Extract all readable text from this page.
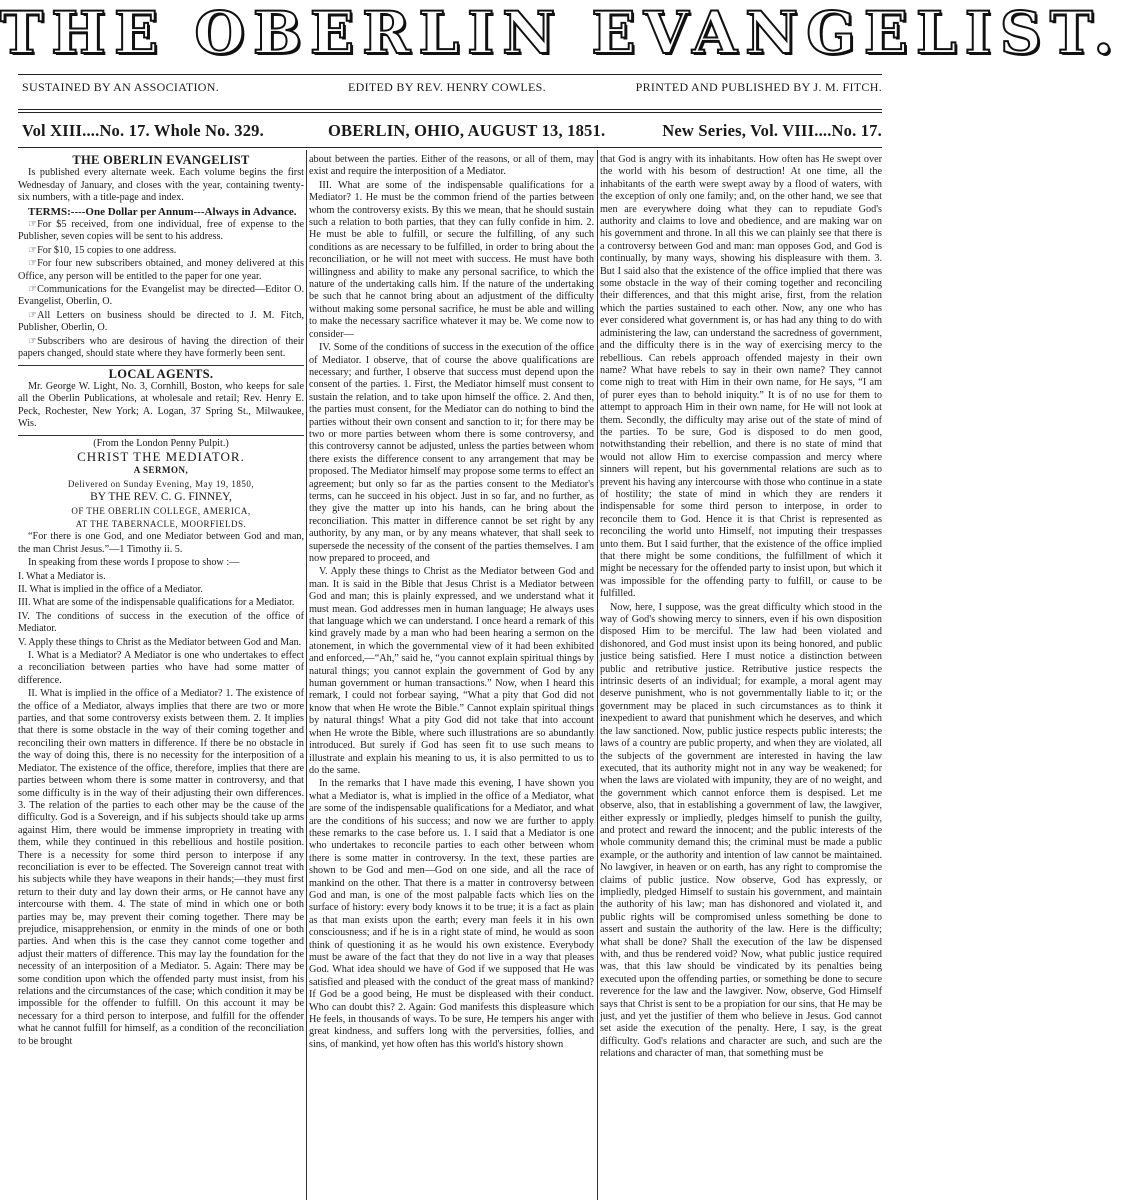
THE OBERLIN EVANGELIST.
SUSTAINED BY AN ASSOCIATION.	EDITED BY REV. HENRY COWLES.	PRINTED AND PUBLISHED BY J. M. FITCH.
Vol XIII....No. 17. Whole No. 329.	OBERLIN, OHIO, AUGUST 13, 1851.	New Series, Vol. VIII....No. 17.

THE OBERLIN EVANGELIST

Is published every alternate week. Each volume begins the first Wednesday of January, and closes with the year, containing twenty-six numbers, with a title-page and index.

TERMS:----One Dollar per Annum---Always in Advance.

☞For $5 received, from one individual, free of expense to the Publisher, seven copies will be sent to his address.

☞For $10, 15 copies to one address.

☞For four new subscribers obtained, and money delivered at this Office, any person will be entitled to the paper for one year.

☞Communications for the Evangelist may be directed—Editor O. Evangelist, Oberlin, O.

☞All Letters on business should be directed to J. M. Fitch, Publisher, Oberlin, O.

☞Subscribers who are desirous of having the direction of their papers changed, should state where they have formerly been sent.

LOCAL AGENTS.

Mr. George W. Light, No. 3, Cornhill, Boston, who keeps for sale all the Oberlin Publications, at wholesale and retail; Rev. Henry E. Peck, Rochester, New York; A. Logan, 37 Spring St., Milwaukee, Wis.

(From the London Penny Pulpit.)

CHRIST THE MEDIATOR.

A SERMON,

Delivered on Sunday Evening, May 19, 1850,

BY THE REV. C. G. FINNEY,

OF THE OBERLIN COLLEGE, AMERICA,

AT THE TABERNACLE, MOORFIELDS.

“For there is one God, and one Mediator between God and man, the man Christ Jesus.”—1 Timothy ii. 5.

In speaking from these words I propose to show :—

I. What a Mediator is.

II. What is implied in the office of a Mediator.

III. What are some of the indispensable qualifications for a Mediator.

IV. The conditions of success in the execution of the office of Mediator.

V. Apply these things to Christ as the Mediator between God and Man.

I. What is a Mediator? A Mediator is one who undertakes to effect a reconciliation between parties who have had some matter of difference.

II. What is implied in the office of a Mediator? 1. The existence of the office of a Mediator, always implies that there are two or more parties, and that some controversy exists between them. 2. It implies that there is some obstacle in the way of their coming together and reconciling their own matters in difference. If there be no obstacle in the way of doing this, there is no necessity for the interposition of a Mediator. The existence of the office, therefore, implies that there are parties between whom there is some matter in controversy, and that some difficulty is in the way of their adjusting their own differences. 3. The relation of the parties to each other may be the cause of the difficulty. God is a Sovereign, and if his subjects should take up arms against Him, there would be immense impropriety in treating with them, while they continued in this rebellious and hostile position. There is a necessity for some third person to interpose if any reconciliation is ever to be effected. The Sovereign cannot treat with his subjects while they have weapons in their hands;—they must first return to their duty and lay down their arms, or He cannot have any intercourse with them. 4. The state of mind in which one or both parties may be, may prevent their coming together. There may be prejudice, misapprehension, or enmity in the minds of one or both parties. And when this is the case they cannot come together and adjust their matters of difference. This may lay the foundation for the necessity of an interposition of a Mediator. 5. Again: There may be some condition upon which the offended party must insist, from his relations and the circumstances of the case; which condition it may be impossible for the offender to fulfill. On this account it may be necessary for a third person to interpose, and fulfill for the offender what he cannot fulfill for himself, as a condition of the reconciliation to be brought

about between the parties. Either of the reasons, or all of them, may exist and require the interposition of a Mediator.

III. What are some of the indispensable qualifications for a Mediator? 1. He must be the common friend of the parties between whom the controversy exists. By this we mean, that he should sustain such a relation to both parties, that they can fully confide in him. 2. He must be able to fulfill, or secure the fulfilling, of any such conditions as are necessary to be fulfilled, in order to bring about the reconciliation, or he will not meet with success. He must have both willingness and ability to make any personal sacrifice, to which the nature of the undertaking calls him. If the nature of the undertaking be such that he cannot bring about an adjustment of the difficulty without making some personal sacrifice, he must be able and willing to make the necessary sacrifice whatever it may be. We come now to consider—

IV. Some of the conditions of success in the execution of the office of Mediator. I observe, that of course the above qualifications are necessary; and further, I observe that success must depend upon the consent of the parties. 1. First, the Mediator himself must consent to sustain the relation, and to take upon himself the office. 2. And then, the parties must consent, for the Mediator can do nothing to bind the parties without their own consent and sanction to it; for there may be two or more parties between whom there is some controversy, and this controversy cannot be adjusted, unless the parties between whom there exists the difference consent to any arrangement that may be proposed. The Mediator himself may propose some terms to effect an agreement; but only so far as the parties consent to the Mediator's terms, can he succeed in his object. Just in so far, and no further, as they give the matter up into his hands, can he bring about the reconciliation. This matter in difference cannot be set right by any authority, by any man, or by any means whatever, that shall seek to supersede the necessity of the consent of the parties themselves. I am now prepared to proceed, and

V. Apply these things to Christ as the Mediator between God and man. It is said in the Bible that Jesus Christ is a Mediator between God and man; this is plainly expressed, and we understand what it must mean. God addresses men in human language; He always uses that language which we can understand. I once heard a remark of this kind gravely made by a man who had been hearing a sermon on the atonement, in which the governmental view of it had been exhibited and enforced,—“Ah,” said he, “you cannot explain spiritual things by natural things; you cannot explain the government of God by any human government or human transactions.” Now, when I heard this remark, I could not forbear saying, “What a pity that God did not know that when He wrote the Bible.” Cannot explain spiritual things by natural things! What a pity God did not take that into account when He wrote the Bible, where such illustrations are so abundantly introduced. But surely if God has seen fit to use such means to illustrate and explain his meaning to us, it is also permitted to us to do the same.

In the remarks that I have made this evening, I have shown you what a Mediator is, what is implied in the office of a Mediator, what are some of the indispensable qualifications for a Mediator, and what are the conditions of his success; and now we are further to apply these remarks to the case before us. 1. I said that a Mediator is one who undertakes to reconcile parties to each other between whom there is some matter in controversy. In the text, these parties are shown to be God and men—God on one side, and all the race of mankind on the other. That there is a matter in controversy between God and man, is one of the most palpable facts which lies on the surface of history: every body knows it to be true; it is a fact as plain as that man exists upon the earth; every man feels it in his own consciousness; and if he is in a right state of mind, he would as soon think of questioning it as he would his own existence. Everybody must be aware of the fact that they do not live in a way that pleases God. What idea should we have of God if we supposed that He was satisfied and pleased with the conduct of the great mass of mankind? If God be a good being, He must be displeased with their conduct. Who can doubt this? 2. Again: God manifests this displeasure which He feels, in thousands of ways. To be sure, He tempers his anger with great kindness, and suffers long with the perversities, follies, and sins, of mankind, yet how often has this world's history shown

that God is angry with its inhabitants. How often has He swept over the world with his besom of destruction! At one time, all the inhabitants of the earth were swept away by a flood of waters, with the exception of only one family; and, on the other hand, we see that men are everywhere doing what they can to repudiate God's authority and claims to love and obedience, and are making war on his government and throne. In all this we can plainly see that there is a controversy between God and man: man opposes God, and God is continually, by many ways, showing his displeasure with them. 3. But I said also that the existence of the office implied that there was some obstacle in the way of their coming together and reconciling their differences, and that this might arise, first, from the relation which the parties sustained to each other. Now, any one who has ever considered what government is, or has had any thing to do with administering the law, can understand the sacredness of government, and the difficulty there is in the way of exercising mercy to the rebellious. Can rebels approach offended majesty in their own name? What have rebels to say in their own name? They cannot come nigh to treat with Him in their own name, for He says, “I am of purer eyes than to behold iniquity.” It is of no use for them to attempt to approach Him in their own name, for He will not look at them. Secondly, the difficulty may arise out of the state of mind of the parties. To be sure, God is disposed to do men good, notwithstanding their rebellion, and there is no state of mind that would not allow Him to exercise compassion and mercy where sinners will repent, but his governmental relations are such as to prevent his having any intercourse with those who continue in a state of hostility; the state of mind in which they are renders it indispensable for some third person to interpose, in order to reconcile them to God. Hence it is that Christ is represented as reconciling the world unto Himself, not imputing their trespasses unto them. But I said further, that the existence of the office implied that there might be some conditions, the fulfillment of which it might be necessary for the offended party to insist upon, but which it was impossible for the offending party to fulfill, or cause to be fulfilled.

Now, here, I suppose, was the great difficulty which stood in the way of God's showing mercy to sinners, even if his own disposition disposed Him to be merciful. The law had been violated and dishonored, and God must insist upon its being honored, and public justice being satisfied. Here I must notice a distinction between public and retributive justice. Retributive justice respects the intrinsic deserts of an individual; for example, a moral agent may deserve punishment, who is not governmentally liable to it; or the government may be placed in such circumstances as to think it inexpedient to award that punishment which he deserves, and which the law sanctioned. Now, public justice respects public interests; the laws of a country are public property, and when they are violated, all the subjects of the government are interested in having the law executed, that its authority might not in any way be weakened; for when the laws are violated with impunity, they are of no weight, and the government which cannot enforce them is despised. Let me observe, also, that in establishing a government of law, the lawgiver, either expressly or impliedly, pledges himself to punish the guilty, and protect and reward the innocent; and the public interests of the whole community demand this; the criminal must be made a public example, or the authority and intention of law cannot be maintained. No lawgiver, in heaven or on earth, has any right to compromise the claims of public justice. Now observe, God has expressly, or impliedly, pledged Himself to sustain his government, and maintain the authority of his law; man has dishonored and violated it, and public rights will be compromised unless something be done to assert and sustain the authority of the law. Here is the difficulty; what shall be done? Shall the execution of the law be dispensed with, and thus be rendered void? Now, what public justice required was, that this law should be vindicated by its penalties being executed upon the offending parties, or something be done to secure reverence for the law and the lawgiver. Now, observe, God Himself says that Christ is sent to be a propiation for our sins, that He may be just, and yet the justifier of them who believe in Jesus. God cannot set aside the execution of the penalty. Here, I say, is the great difficulty. God's relations and character are such, and such are the relations and character of man, that something must be
